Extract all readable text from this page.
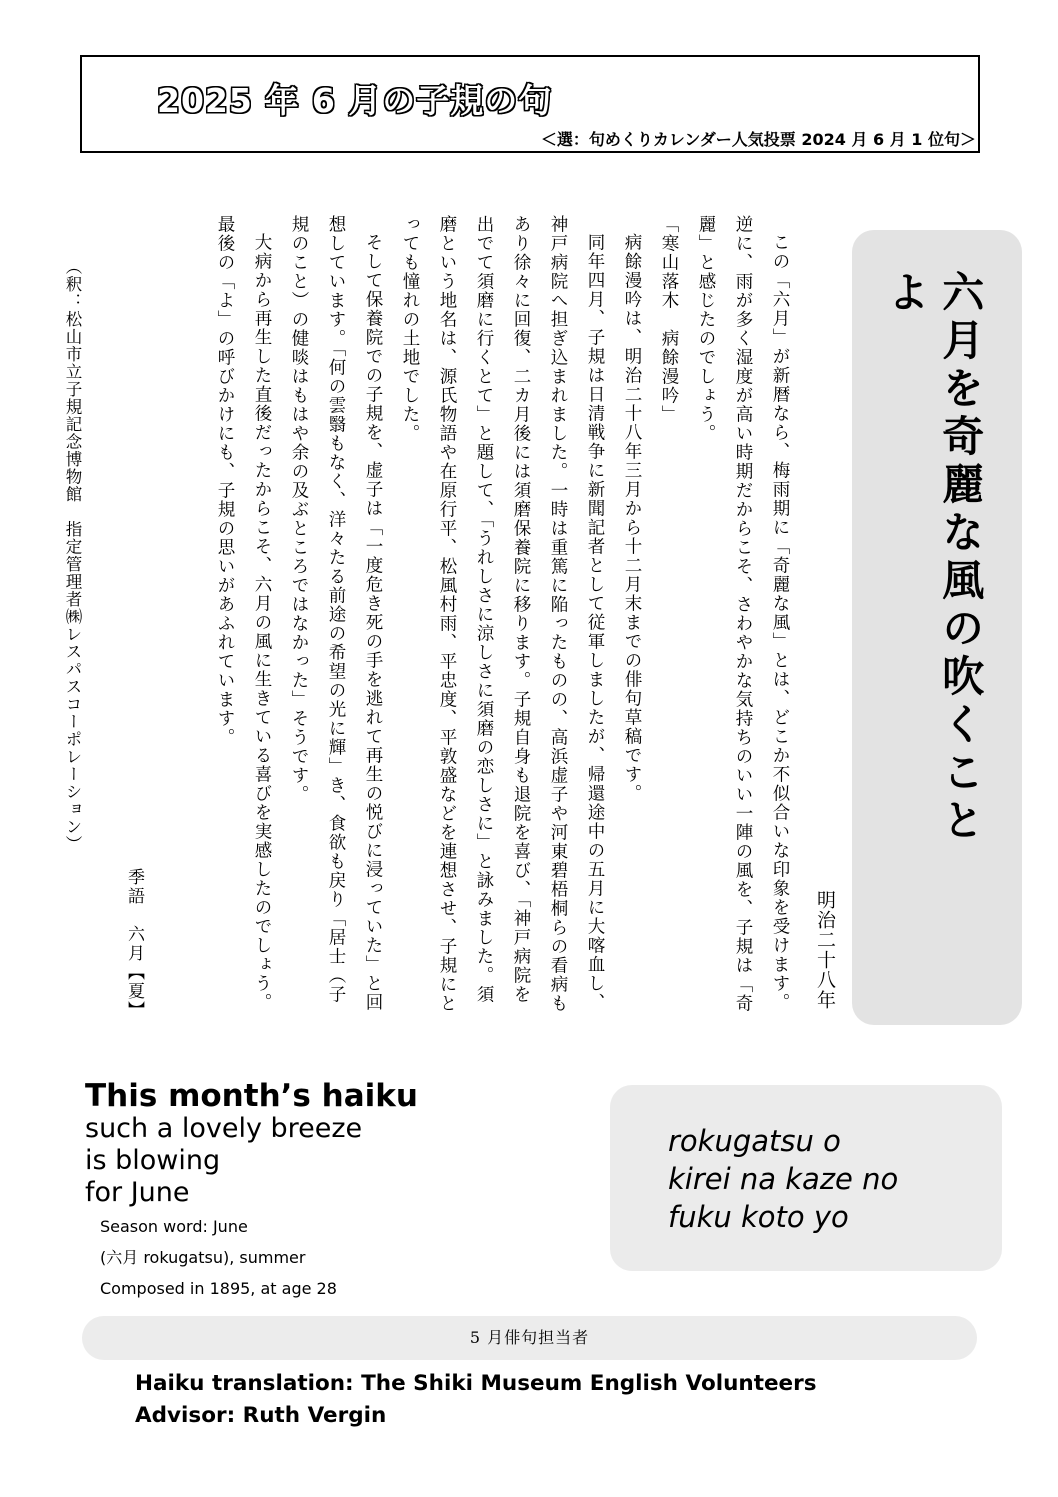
2025 年 6 月の子規の句
＜選：句めくりカレンダー人気投票 2024 月 6 月 1 位句＞
六月を奇麗な風の吹くことよ
明治二十八年

この「六月」が新暦なら、梅雨期に「奇麗な風」とは、どこか不似合いな印象を受けます。逆に、雨が多く湿度が高い時期だからこそ、さわやかな気持ちのいい一陣の風を、子規は「奇麗」と感じたのでしょう。

「寒山落木　病餘漫吟」

病餘漫吟は、明治二十八年三月から十二月末までの俳句草稿です。

同年四月、子規は日清戦争に新聞記者として従軍しましたが、帰還途中の五月に大喀血し、神戸病院へ担ぎ込まれました。一時は重篤に陥ったものの、高浜虚子や河東碧梧桐らの看病もあり徐々に回復、二カ月後には須磨保養院に移ります。子規自身も退院を喜び、「神戸病院を出でて須磨に行くとて」と題して、「うれしさに涼しさに須磨の恋しさに」と詠みました。須磨という地名は、源氏物語や在原行平、松風村雨、平忠度、平敦盛などを連想させ、子規にとっても憧れの土地でした。

そして保養院での子規を、虚子は「一度危き死の手を逃れて再生の悦びに浸っていた」と回想しています。「何の雲翳もなく、洋々たる前途の希望の光に輝」き、食欲も戻り「居士（子規のこと）の健啖はもはや余の及ぶところではなかった」そうです。

大病から再生した直後だったからこそ、六月の風に生きている喜びを実感したのでしょう。最後の「よ」の呼びかけにも、子規の思いがあふれています。

季語　六月【夏】
（釈：松山市立子規記念博物館　指定管理者㈱レスパスコーポレーション）
This month’s haiku
such a lovely breeze
is blowing
for June
Season word: June
(六月 rokugatsu), summer
Composed in 1895, at age 28
rokugatsu o
kirei na kaze no
fuku koto yo
5 月俳句担当者
Haiku translation: The Shiki Museum English Volunteers
Advisor: Ruth Vergin
